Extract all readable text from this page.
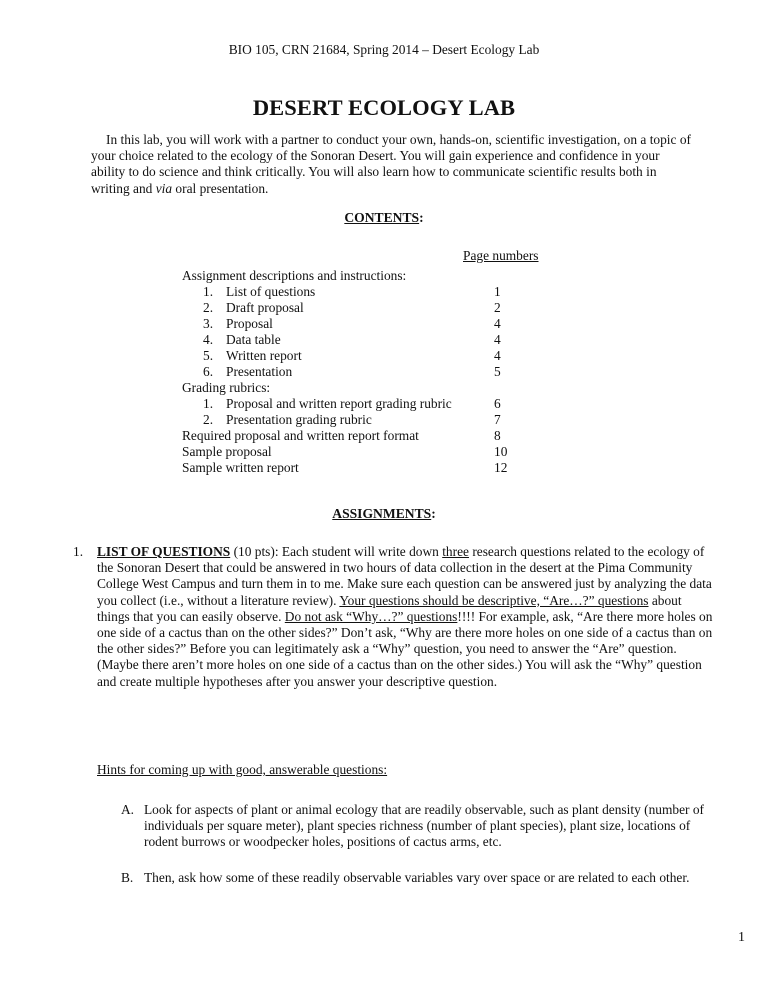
BIO 105, CRN 21684, Spring 2014 – Desert Ecology Lab
DESERT ECOLOGY LAB

In this lab, you will work with a partner to conduct your own, hands-on, scientific investigation, on a topic of your choice related to the ecology of the Sonoran Desert. You will gain experience and confidence in your ability to do science and think critically. You will also learn how to communicate scientific results both in writing and via oral presentation.

CONTENTS:
Page numbers
Assignment descriptions and instructions:
1. List of questions	1
2. Draft proposal	2
3. Proposal	4
4. Data table	4
5. Written report	4
6. Presentation	5
Grading rubrics:
1. Proposal and written report grading rubric	6
2. Presentation grading rubric	7
Required proposal and written report format	8
Sample proposal	10
Sample written report	12
ASSIGNMENTS:
1. LIST OF QUESTIONS (10 pts): Each student will write down three research questions related to the ecology of the Sonoran Desert that could be answered in two hours of data collection in the desert at the Pima Community College West Campus and turn them in to me. Make sure each question can be answered just by analyzing the data you collect (i.e., without a literature review). Your questions should be descriptive, “Are…?” questions about things that you can easily observe. Do not ask “Why…?” questions!!!! For example, ask, “Are there more holes on one side of a cactus than on the other sides?” Don’t ask, “Why are there more holes on one side of a cactus than on the other sides?” Before you can legitimately ask a “Why” question, you need to answer the “Are” question. (Maybe there aren’t more holes on one side of a cactus than on the other sides.) You will ask the “Why” question and create multiple hypotheses after you answer your descriptive question.

Hints for coming up with good, answerable questions:
A. Look for aspects of plant or animal ecology that are readily observable, such as plant density (number of individuals per square meter), plant species richness (number of plant species), plant size, locations of rodent burrows or woodpecker holes, positions of cactus arms, etc.

B. Then, ask how some of these readily observable variables vary over space or are related to each other.

1
